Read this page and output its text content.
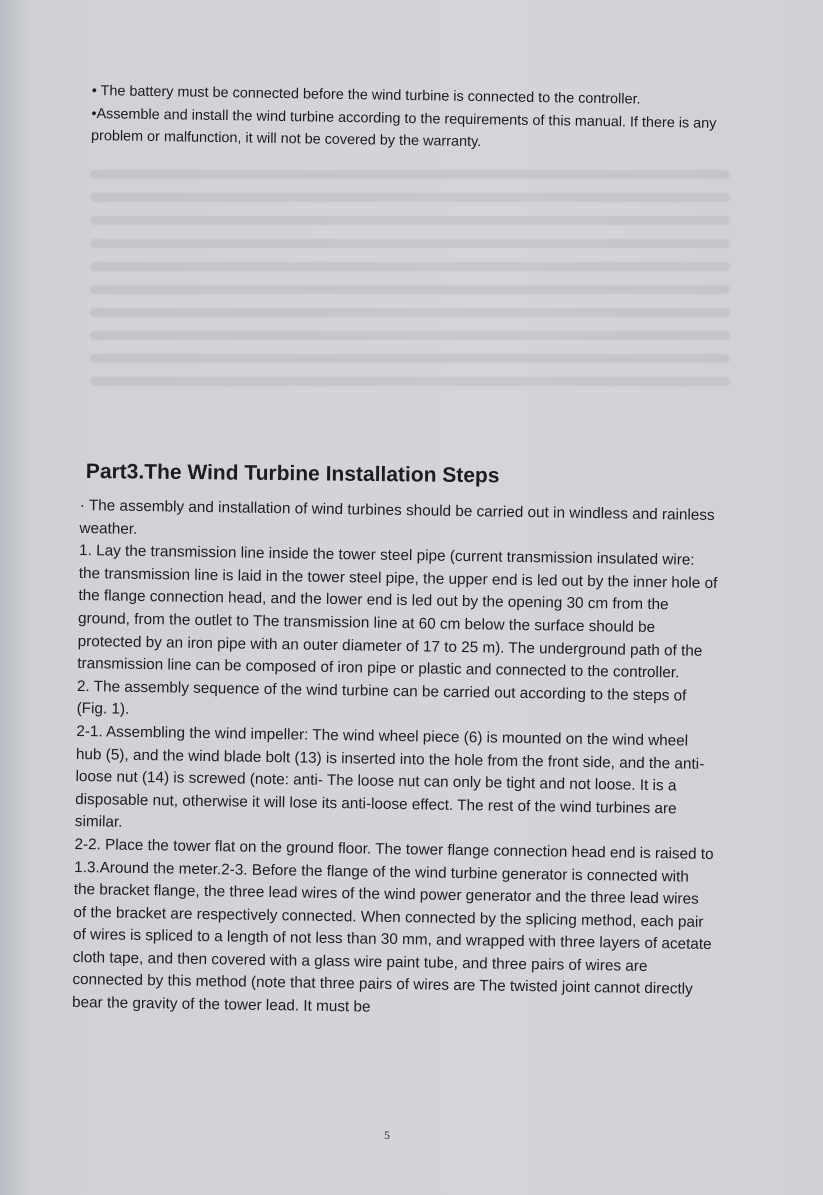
• The battery must be connected before the wind turbine is connected to the controller.

•Assemble and install the wind turbine according to the requirements of this manual. If there is any problem or malfunction, it will not be covered by the warranty.

Part3.The Wind Turbine Installation Steps

· The assembly and installation of wind turbines should be carried out in windless and rainless weather.

1. Lay the transmission line inside the tower steel pipe (current transmission insulated wire: the transmission line is laid in the tower steel pipe, the upper end is led out by the inner hole of the flange connection head, and the lower end is led out by the opening 30 cm from the ground, from the outlet to The transmission line at 60 cm below the surface should be protected by an iron pipe with an outer diameter of 17 to 25 m). The underground path of the transmission line can be composed of iron pipe or plastic and connected to the controller.

2. The assembly sequence of the wind turbine can be carried out according to the steps of (Fig. 1).

2-1. Assembling the wind impeller: The wind wheel piece (6) is mounted on the wind wheel hub (5), and the wind blade bolt (13) is inserted into the hole from the front side, and the anti-loose nut (14) is screwed (note: anti- The loose nut can only be tight and not loose. It is a disposable nut, otherwise it will lose its anti-loose effect. The rest of the wind turbines are similar.

2-2. Place the tower flat on the ground floor. The tower flange connection head end is raised to 1.3.Around the meter.2-3. Before the flange of the wind turbine generator is connected with the bracket flange, the three lead wires of the wind power generator and the three lead wires of the bracket are respectively connected. When connected by the splicing method, each pair of wires is spliced to a length of not less than 30 mm, and wrapped with three layers of acetate cloth tape, and then covered with a glass wire paint tube, and three pairs of wires are connected by this method (note that three pairs of wires are The twisted joint cannot directly bear the gravity of the tower lead. It must be

5
